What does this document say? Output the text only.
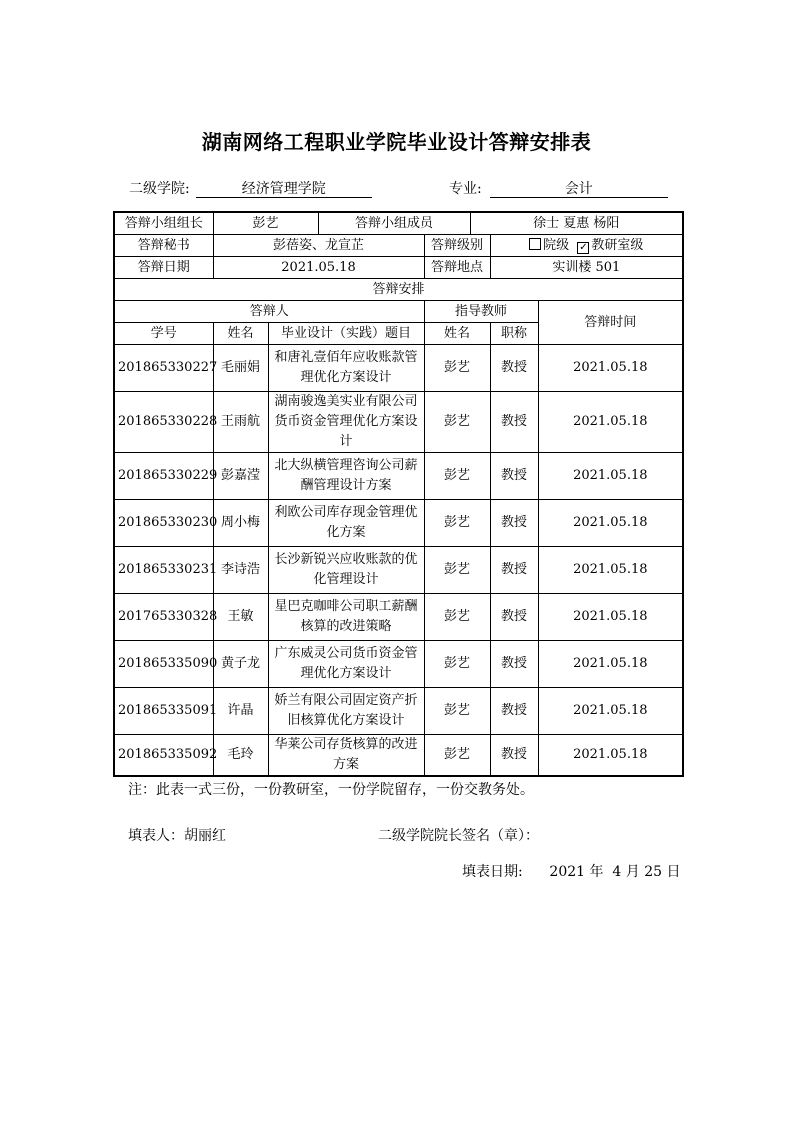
湖南网络工程职业学院毕业设计答辩安排表
二级学院:	经济管理学院	专业:	会计
答辩小组组长	彭艺		答辩小组成员		徐士 夏惠 杨阳		
答辩秘书	彭蓓姿、龙宣芷			答辩级别		院级 ✓ 教研室级	
答辩日期	2021.05.18			答辩地点		实训楼 501	
答辩安排							
答辩人				指导教师			答辩时间
学号	姓名	毕业设计（实践）题目		姓名		职称	
201865330227	毛丽娟	和唐礼壹佰年应收账款管理优化方案设计		彭艺		教授	2021.05.18
201865330228	王雨航	湖南骏逸美实业有限公司货币资金管理优化方案设计		彭艺		教授	2021.05.18
201865330229	彭嘉滢	北大纵横管理咨询公司薪酬管理设计方案		彭艺		教授	2021.05.18
201865330230	周小梅	利欧公司库存现金管理优化方案		彭艺		教授	2021.05.18
201865330231	李诗浩	长沙新锐兴应收账款的优化管理设计		彭艺		教授	2021.05.18
201765330328	王敏	星巴克咖啡公司职工薪酬核算的改进策略		彭艺		教授	2021.05.18
201865335090	黄子龙	广东威灵公司货币资金管理优化方案设计		彭艺		教授	2021.05.18
201865335091	许晶	娇兰有限公司固定资产折旧核算优化方案设计		彭艺		教授	2021.05.18
201865335092	毛玲	华莱公司存货核算的改进方案		彭艺		教授	2021.05.18
注：此表一式三份，一份教研室，一份学院留存，一份交教务处。
填表人：胡丽红	二级学院院长签名（章）：
填表日期:      2021 年  4 月 25 日
